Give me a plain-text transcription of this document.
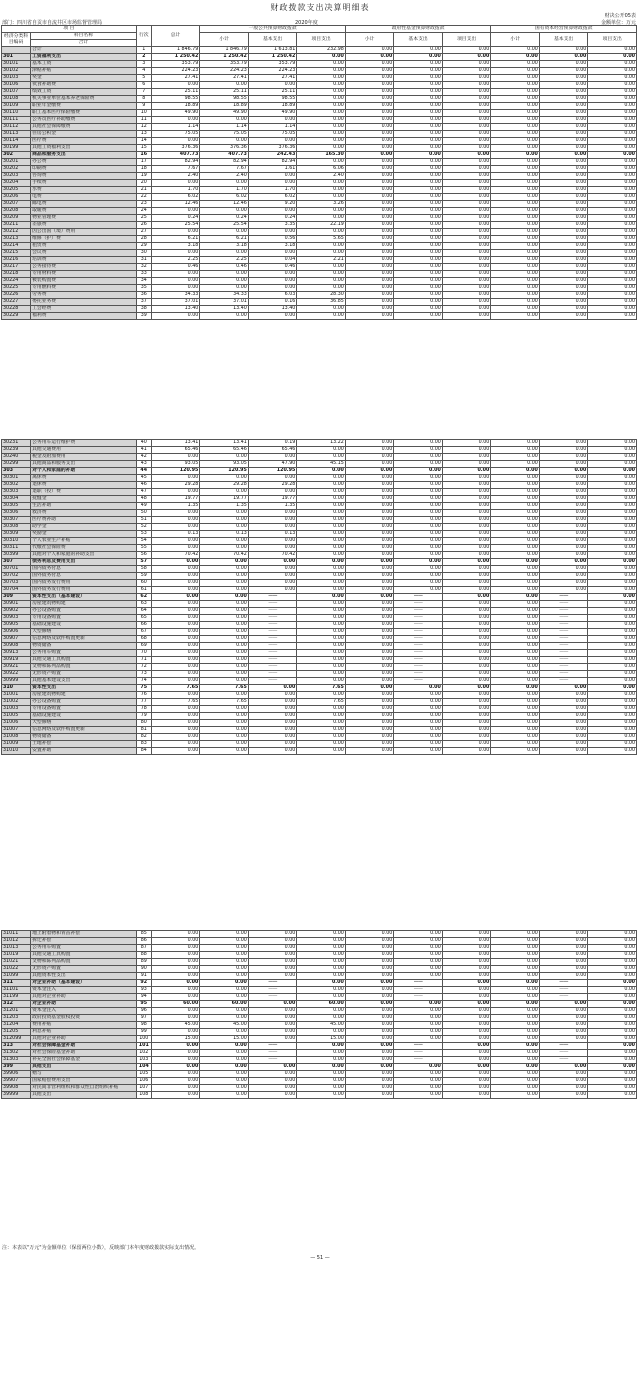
财政拨款支出决算明细表
财决公开05表
部门：四川省自贡市自流井区市场监督管理局	2020年度	金额单位：万元
项 目		行次	总计	一般公共预算财政拨款			政府性基金预算财政拨款			国有资本经营预算财政拨款		
经济分类科目编码	科目名称			小计	基本支出	项目支出	小计	基本支出	项目支出	小计	基本支出	项目支出
	合计											
	合计	1	1 846.79	1 846.79	1 613.81	232.98	0.00	0.00	0.00	0.00	0.00	0.00
301	工资福利支出	2	1 250.42	1 250.42	1 250.42	0.00	0.00	0.00	0.00	0.00	0.00	0.00
30101	基本工资	3	353.79	353.79	353.79	0.00	0.00	0.00	0.00	0.00	0.00	0.00
30102	津贴补贴	4	224.23	224.23	224.23	0.00	0.00	0.00	0.00	0.00	0.00	0.00
30103	奖金	5	27.41	27.41	27.41	0.00	0.00	0.00	0.00	0.00	0.00	0.00
30106	伙食补助费	6	0.00	0.00	0.00	0.00	0.00	0.00	0.00	0.00	0.00	0.00
30107	绩效工资	7	25.11	25.11	25.11	0.00	0.00	0.00	0.00	0.00	0.00	0.00
30108	机关事业单位基本养老保险费	8	98.55	98.55	98.55	0.00	0.00	0.00	0.00	0.00	0.00	0.00
30109	职业年金缴费	9	18.89	18.89	18.89	0.00	0.00	0.00	0.00	0.00	0.00	0.00
30110	职工基本医疗保险缴费	10	49.90	49.90	49.90	0.00	0.00	0.00	0.00	0.00	0.00	0.00
30111	公务员医疗补助缴费	11	0.00	0.00	0.00	0.00	0.00	0.00	0.00	0.00	0.00	0.00
30112	其他社会保障缴费	12	1.14	1.14	1.14	0.00	0.00	0.00	0.00	0.00	0.00	0.00
30113	住房公积金	13	75.05	75.05	75.05	0.00	0.00	0.00	0.00	0.00	0.00	0.00
30114	医疗费	14	0.00	0.00	0.00	0.00	0.00	0.00	0.00	0.00	0.00	0.00
30199	其他工资福利支出	15	376.36	376.36	376.36	0.00	0.00	0.00	0.00	0.00	0.00	0.00
302	商品和服务支出	16	407.73	407.73	242.43	165.30	0.00	0.00	0.00	0.00	0.00	0.00
30201	办公费	17	82.94	82.94	82.94	0.00	0.00	0.00	0.00	0.00	0.00	0.00
30202	印刷费	18	7.67	7.67	1.61	6.06	0.00	0.00	0.00	0.00	0.00	0.00
30203	咨询费	19	2.40	2.40	0.00	2.40	0.00	0.00	0.00	0.00	0.00	0.00
30204	手续费	20	0.00	0.00	0.00	0.00	0.00	0.00	0.00	0.00	0.00	0.00
30205	水费	21	1.70	1.70	1.70	0.00	0.00	0.00	0.00	0.00	0.00	0.00
30206	电费	22	6.02	6.02	6.02	0.00	0.00	0.00	0.00	0.00	0.00	0.00
30207	邮电费	23	12.46	12.46	9.20	3.26	0.00	0.00	0.00	0.00	0.00	0.00
30208	取暖费	24	0.00	0.00	0.00	0.00	0.00	0.00	0.00	0.00	0.00	0.00
30209	物业管理费	25	0.24	0.24	0.24	0.00	0.00	0.00	0.00	0.00	0.00	0.00
30211	差旅费	26	25.54	25.54	3.35	22.19	0.00	0.00	0.00	0.00	0.00	0.00
30212	因公出国（境）费用	27	0.00	0.00	0.00	0.00	0.00	0.00	0.00	0.00	0.00	0.00
30213	维修（护）费	28	6.21	6.21	0.56	5.65	0.00	0.00	0.00	0.00	0.00	0.00
30214	租赁费	29	3.18	3.18	3.18	0.00	0.00	0.00	0.00	0.00	0.00	0.00
30215	会议费	30	0.00	0.00	0.00	0.00	0.00	0.00	0.00	0.00	0.00	0.00
30216	培训费	31	2.25	2.25	0.04	2.21	0.00	0.00	0.00	0.00	0.00	0.00
30217	公务接待费	32	0.46	0.46	0.46	0.00	0.00	0.00	0.00	0.00	0.00	0.00
30218	专用材料费	33	0.00	0.00	0.00	0.00	0.00	0.00	0.00	0.00	0.00	0.00
30224	被装购置费	34	0.00	0.00	0.00	0.00	0.00	0.00	0.00	0.00	0.00	0.00
30225	专用燃料费	35	0.00	0.00	0.00	0.00	0.00	0.00	0.00	0.00	0.00	0.00
30226	劳务费	36	34.33	34.33	6.03	28.30	0.00	0.00	0.00	0.00	0.00	0.00
30227	委托业务费	37	37.01	37.01	0.16	36.85	0.00	0.00	0.00	0.00	0.00	0.00
30228	工会经费	38	13.40	13.40	13.40	0.00	0.00	0.00	0.00	0.00	0.00	0.00
30229	福利费	39	0.00	0.00	0.00	0.00	0.00	0.00	0.00	0.00	0.00	0.00
30231	公务用车运行维护费	40	13.41	13.41	0.19	13.22	0.00	0.00	0.00	0.00	0.00	0.00
30239	其他交通费用	41	65.46	65.46	65.46	0.00	0.00	0.00	0.00	0.00	0.00	0.00
30240	税金及附加费用	42	0.00	0.00	0.00	0.00	0.00	0.00	0.00	0.00	0.00	0.00
30299	其他商品和服务支出	43	93.05	93.05	47.90	45.15	0.00	0.00	0.00	0.00	0.00	0.00
303	对个人和家庭的补助	44	120.95	120.95	120.95	0.00	0.00	0.00	0.00	0.00	0.00	0.00
30301	离休费	45	0.00	0.00	0.00	0.00	0.00	0.00	0.00	0.00	0.00	0.00
30302	退休费	46	29.28	29.28	29.28	0.00	0.00	0.00	0.00	0.00	0.00	0.00
30303	退职（役）费	47	0.00	0.00	0.00	0.00	0.00	0.00	0.00	0.00	0.00	0.00
30304	抚恤金	48	19.77	19.77	19.77	0.00	0.00	0.00	0.00	0.00	0.00	0.00
30305	生活补助	49	1.35	1.35	1.35	0.00	0.00	0.00	0.00	0.00	0.00	0.00
30306	救济费	50	0.00	0.00	0.00	0.00	0.00	0.00	0.00	0.00	0.00	0.00
30307	医疗费补助	51	0.00	0.00	0.00	0.00	0.00	0.00	0.00	0.00	0.00	0.00
30308	助学金	52	0.00	0.00	0.00	0.00	0.00	0.00	0.00	0.00	0.00	0.00
30309	奖励金	53	0.13	0.13	0.13	0.00	0.00	0.00	0.00	0.00	0.00	0.00
30310	个人农业生产补贴	54	0.00	0.00	0.00	0.00	0.00	0.00	0.00	0.00	0.00	0.00
30311	代缴社会保险费	55	0.00	0.00	0.00	0.00	0.00	0.00	0.00	0.00	0.00	0.00
30399	其他对个人和家庭的补助支出	56	70.42	70.42	70.42	0.00	0.00	0.00	0.00	0.00	0.00	0.00
307	债务利息及费用支出	57	0.00	0.00	0.00	0.00	0.00	0.00	0.00	0.00	0.00	0.00
30701	国内债务付息	58	0.00	0.00	0.00	0.00	0.00	0.00	0.00	0.00	0.00	0.00
30702	国外债务付息	59	0.00	0.00	0.00	0.00	0.00	0.00	0.00	0.00	0.00	0.00
30703	国内债务发行费用	60	0.00	0.00	0.00	0.00	0.00	0.00	0.00	0.00	0.00	0.00
30704	国外债务发行费用	61	0.00	0.00	0.00	0.00	0.00	0.00	0.00	0.00	0.00	0.00
309	资本性支出（基本建设）	62	0.00	0.00	——	0.00	0.00	——	0.00	0.00	——	0.00
30901	房屋建筑物购建	63	0.00	0.00	——	0.00	0.00	——	0.00	0.00	——	0.00
30902	办公设备购置	64	0.00	0.00	——	0.00	0.00	——	0.00	0.00	——	0.00
30903	专用设备购置	65	0.00	0.00	——	0.00	0.00	——	0.00	0.00	——	0.00
30905	基础设施建设	66	0.00	0.00	——	0.00	0.00	——	0.00	0.00	——	0.00
30906	大型修缮	67	0.00	0.00	——	0.00	0.00	——	0.00	0.00	——	0.00
30907	信息网络及软件购置更新	68	0.00	0.00	——	0.00	0.00	——	0.00	0.00	——	0.00
30908	物资储备	69	0.00	0.00	——	0.00	0.00	——	0.00	0.00	——	0.00
30913	公务用车购置	70	0.00	0.00	——	0.00	0.00	——	0.00	0.00	——	0.00
30919	其他交通工具购置	71	0.00	0.00	——	0.00	0.00	——	0.00	0.00	——	0.00
30921	文物和陈列品购置	72	0.00	0.00	——	0.00	0.00	——	0.00	0.00	——	0.00
30922	无形资产购置	73	0.00	0.00	——	0.00	0.00	——	0.00	0.00	——	0.00
30999	其他基本建设支出	74	0.00	0.00	——	0.00	0.00	——	0.00	0.00	——	0.00
310	资本性支出	75	7.65	7.65	0.00	7.65	0.00	0.00	0.00	0.00	0.00	0.00
31001	房屋建筑物购建	76	0.00	0.00	0.00	0.00	0.00	0.00	0.00	0.00	0.00	0.00
31002	办公设备购置	77	7.65	7.65	0.00	7.65	0.00	0.00	0.00	0.00	0.00	0.00
31003	专用设备购置	78	0.00	0.00	0.00	0.00	0.00	0.00	0.00	0.00	0.00	0.00
31005	基础设施建设	79	0.00	0.00	0.00	0.00	0.00	0.00	0.00	0.00	0.00	0.00
31006	大型修缮	80	0.00	0.00	0.00	0.00	0.00	0.00	0.00	0.00	0.00	0.00
31007	信息网络及软件购置更新	81	0.00	0.00	0.00	0.00	0.00	0.00	0.00	0.00	0.00	0.00
31008	物资储备	82	0.00	0.00	0.00	0.00	0.00	0.00	0.00	0.00	0.00	0.00
31009	土地补偿	83	0.00	0.00	0.00	0.00	0.00	0.00	0.00	0.00	0.00	0.00
31010	安置补助	84	0.00	0.00	0.00	0.00	0.00	0.00	0.00	0.00	0.00	0.00
31011	地上附着物和青苗补偿	85	0.00	0.00	0.00	0.00	0.00	0.00	0.00	0.00	0.00	0.00
31012	拆迁补偿	86	0.00	0.00	0.00	0.00	0.00	0.00	0.00	0.00	0.00	0.00
31013	公务用车购置	87	0.00	0.00	0.00	0.00	0.00	0.00	0.00	0.00	0.00	0.00
31019	其他交通工具购置	88	0.00	0.00	0.00	0.00	0.00	0.00	0.00	0.00	0.00	0.00
31021	文物和陈列品购置	89	0.00	0.00	0.00	0.00	0.00	0.00	0.00	0.00	0.00	0.00
31022	无形资产购置	90	0.00	0.00	0.00	0.00	0.00	0.00	0.00	0.00	0.00	0.00
31099	其他资本性支出	91	0.00	0.00	0.00	0.00	0.00	0.00	0.00	0.00	0.00	0.00
311	对企业补助（基本建设）	92	0.00	0.00	——	0.00	0.00	——	0.00	0.00	——	0.00
31101	资本金注入	93	0.00	0.00	——	0.00	0.00	——	0.00	0.00	——	0.00
31199	其他对企业补助	94	0.00	0.00	——	0.00	0.00	——	0.00	0.00	——	0.00
312	对企业补助	95	60.00	60.00	0.00	60.00	0.00	0.00	0.00	0.00	0.00	0.00
31201	资本金注入	96	0.00	0.00	0.00	0.00	0.00	0.00	0.00	0.00	0.00	0.00
31203	政府投资基金股权投资	97	0.00	0.00	0.00	0.00	0.00	0.00	0.00	0.00	0.00	0.00
31204	费用补贴	98	45.00	45.00	0.00	45.00	0.00	0.00	0.00	0.00	0.00	0.00
31205	利息补贴	99	0.00	0.00	0.00	0.00	0.00	0.00	0.00	0.00	0.00	0.00
312099	其他对企业补助	100	15.00	15.00	0.00	15.00	0.00	0.00	0.00	0.00	0.00	0.00
313	对社会保障基金补助	101	0.00	0.00	——	0.00	0.00	——	0.00	0.00	——	0.00
31302	对社会保险基金补助	102	0.00	0.00	——	0.00	0.00	——	0.00	0.00	——	0.00
31303	补充全国社会保障基金	103	0.00	0.00	——	0.00	0.00	——	0.00	0.00	——	0.00
399	其他支出	104	0.00	0.00	0.00	0.00	0.00	0.00	0.00	0.00	0.00	0.00
39906	赠与	105	0.00	0.00	0.00	0.00	0.00	0.00	0.00	0.00	0.00	0.00
39907	国家赔偿费用支出	106	0.00	0.00	0.00	0.00	0.00	0.00	0.00	0.00	0.00	0.00
39908	对民间非营利组织和群众性自治组织补贴	107	0.00	0.00	0.00	0.00	0.00	0.00	0.00	0.00	0.00	0.00
39999	其他支出	108	0.00	0.00	0.00	0.00	0.00	0.00	0.00	0.00	0.00	0.00
注：本表以"万元"为金额单位（保留两位小数），反映部门本年度财政拨款实际支出情况。
— 51 —
